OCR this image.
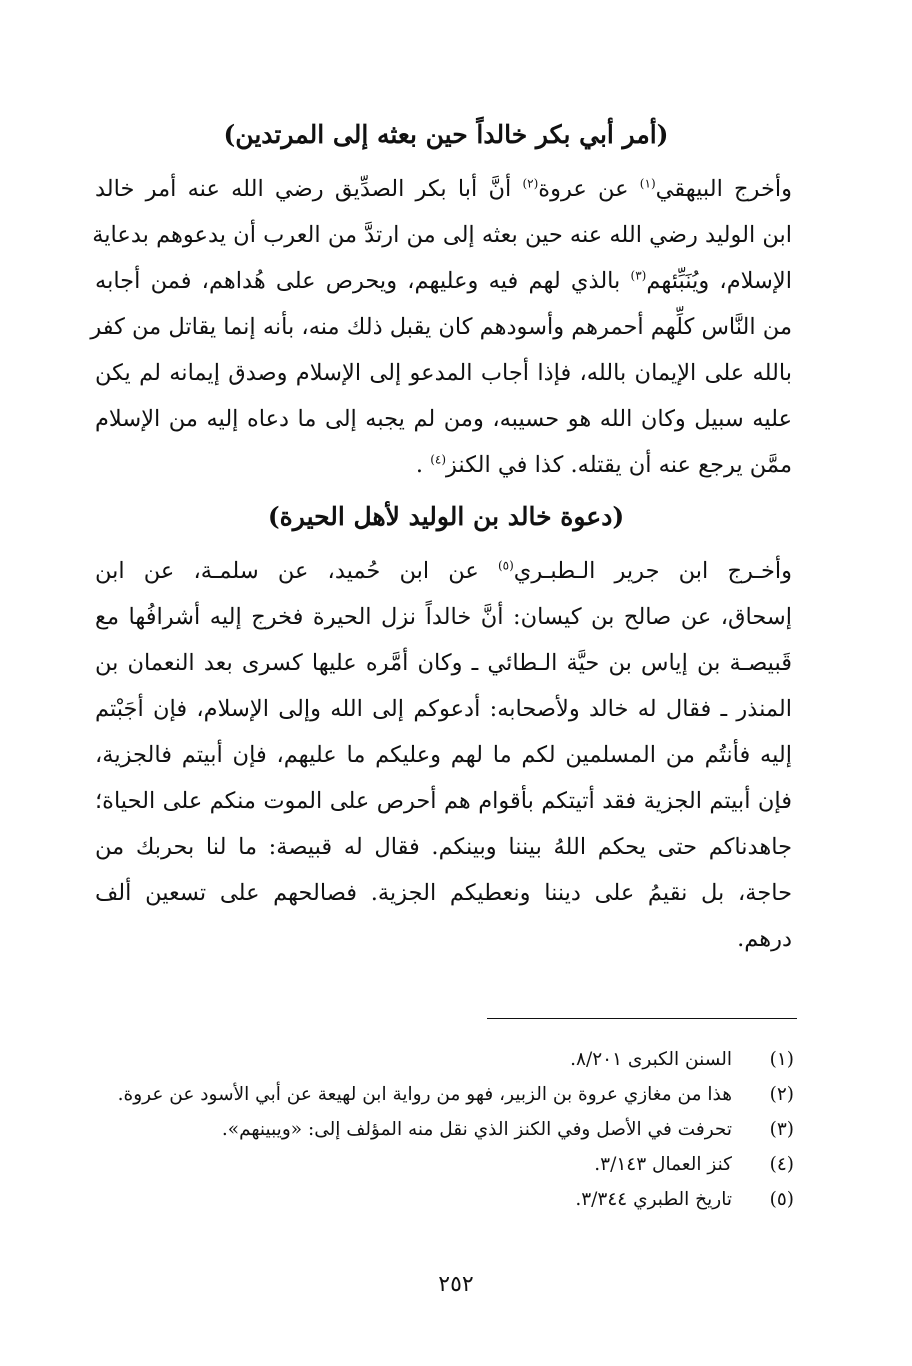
(أمر أبي بكر خالداً حين بعثه إلى المرتدين)
وأخرج البيهقي$^{(١)}$ عن عروة$^{(٢)}$ أنَّ أبا بكر الصدِّيق رضي الله عنه أمر خالد
ابن الوليد رضي الله عنه حين بعثه إلى من ارتدَّ من العرب أن يدعوهم بدعاية
الإسلام، ويُنَبِّئهم$^{(٣)}$ بالذي لهم فيه وعليهم، ويحرص على هُداهم، فمن أجابه
من النَّاس كلِّهم أحمرهم وأسودهم كان يقبل ذلك منه، بأنه إنما يقاتل من كفر
بالله على الإيمان بالله، فإذا أجاب المدعو إلى الإسلام وصدق إيمانه لم يكن
عليه سبيل وكان الله هو حسيبه، ومن لم يجبه إلى ما دعاه إليه من الإسلام
ممَّن يرجع عنه أن يقتله. كذا في الكنز$^{(٤)}$ .
(دعوة خالد بن الوليد لأهل الحيرة)
وأخـرج ابن جرير الـطبـري$^{(٥)}$ عن ابن حُميد، عن سلمـة، عن ابن
إسحاق، عن صالح بن كيسان: أنَّ خالداً نزل الحيرة فخرج إليه أشرافُها مع
قَبيصـة بن إياس بن حيَّة الـطائي ـ وكان أمَّره عليها كسرى بعد النعمان بن
المنذر ـ فقال له خالد ولأصحابه: أدعوكم إلى الله وإلى الإسلام، فإن أجَبْتم
إليه فأنتُم من المسلمين لكم ما لهم وعليكم ما عليهم، فإن أبيتم فالجزية،
فإن أبيتم الجزية فقد أتيتكم بأقوام هم أحرص على الموت منكم على الحياة؛
جاهدناكم حتى يحكم اللهُ بيننا وبينكم. فقال له قبيصة: ما لنا بحربك من
حاجة، بل نقيمُ على ديننا ونعطيكم الجزية. فصالحهم على تسعين ألف
درهم.
(١)
السنن الكبرى ٨/٢٠١.
(٢)
هذا من مغازي عروة بن الزبير، فهو من رواية ابن لهيعة عن أبي الأسود عن عروة.
(٣)
تحرفت في الأصل وفي الكنز الذي نقل منه المؤلف إلى: «ويبينهم».
(٤)
كنز العمال ٣/١٤٣.
(٥)
تاريخ الطبري ٣/٣٤٤.
٢٥٢
